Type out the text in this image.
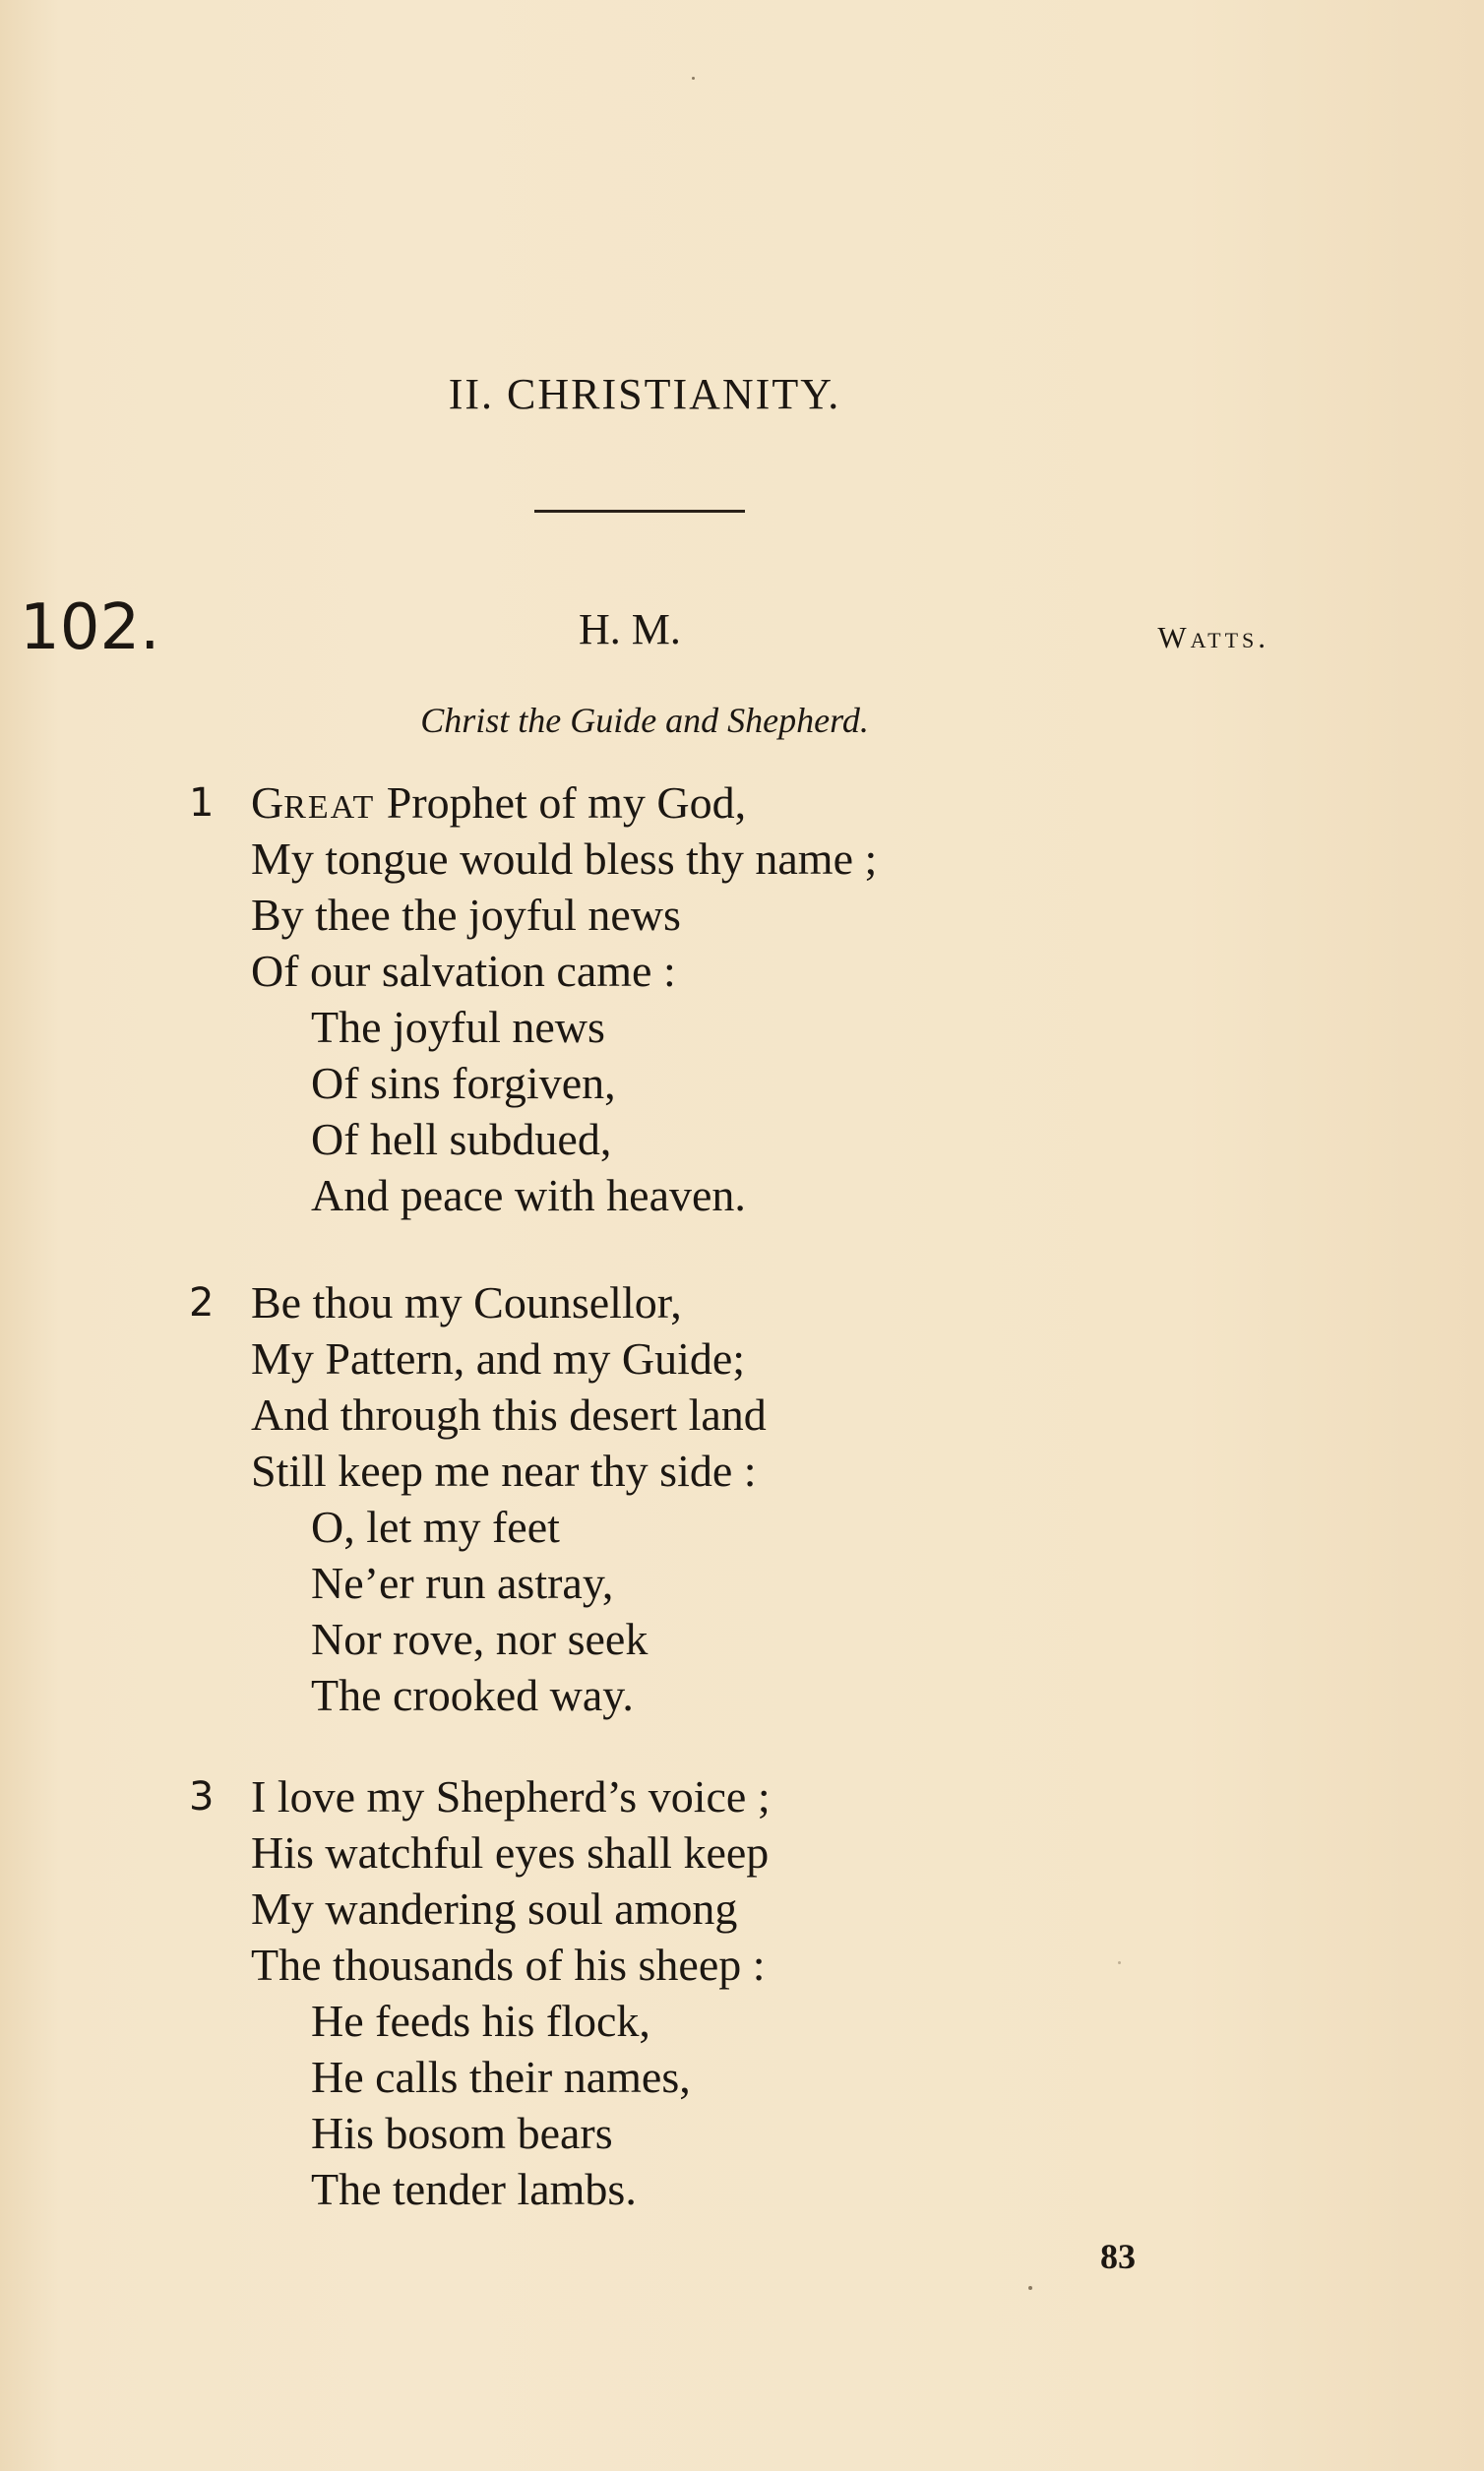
II. CHRISTIANITY.
102.	H. M.	Watts.
Christ the Guide and Shepherd.
1 GREAT Prophet of my God,
My tongue would bless thy name ;
By thee the joyful news
Of our salvation came :
The joyful news
Of sins forgiven,
Of hell subdued,
And peace with heaven.
2 Be thou my Counsellor,
My Pattern, and my Guide;
And through this desert land
Still keep me near thy side :
O, let my feet
Ne’er run astray,
Nor rove, nor seek
The crooked way.
3 I love my Shepherd’s voice ;
His watchful eyes shall keep
My wandering soul among
The thousands of his sheep :
He feeds his flock,
He calls their names,
His bosom bears
The tender lambs.
83
